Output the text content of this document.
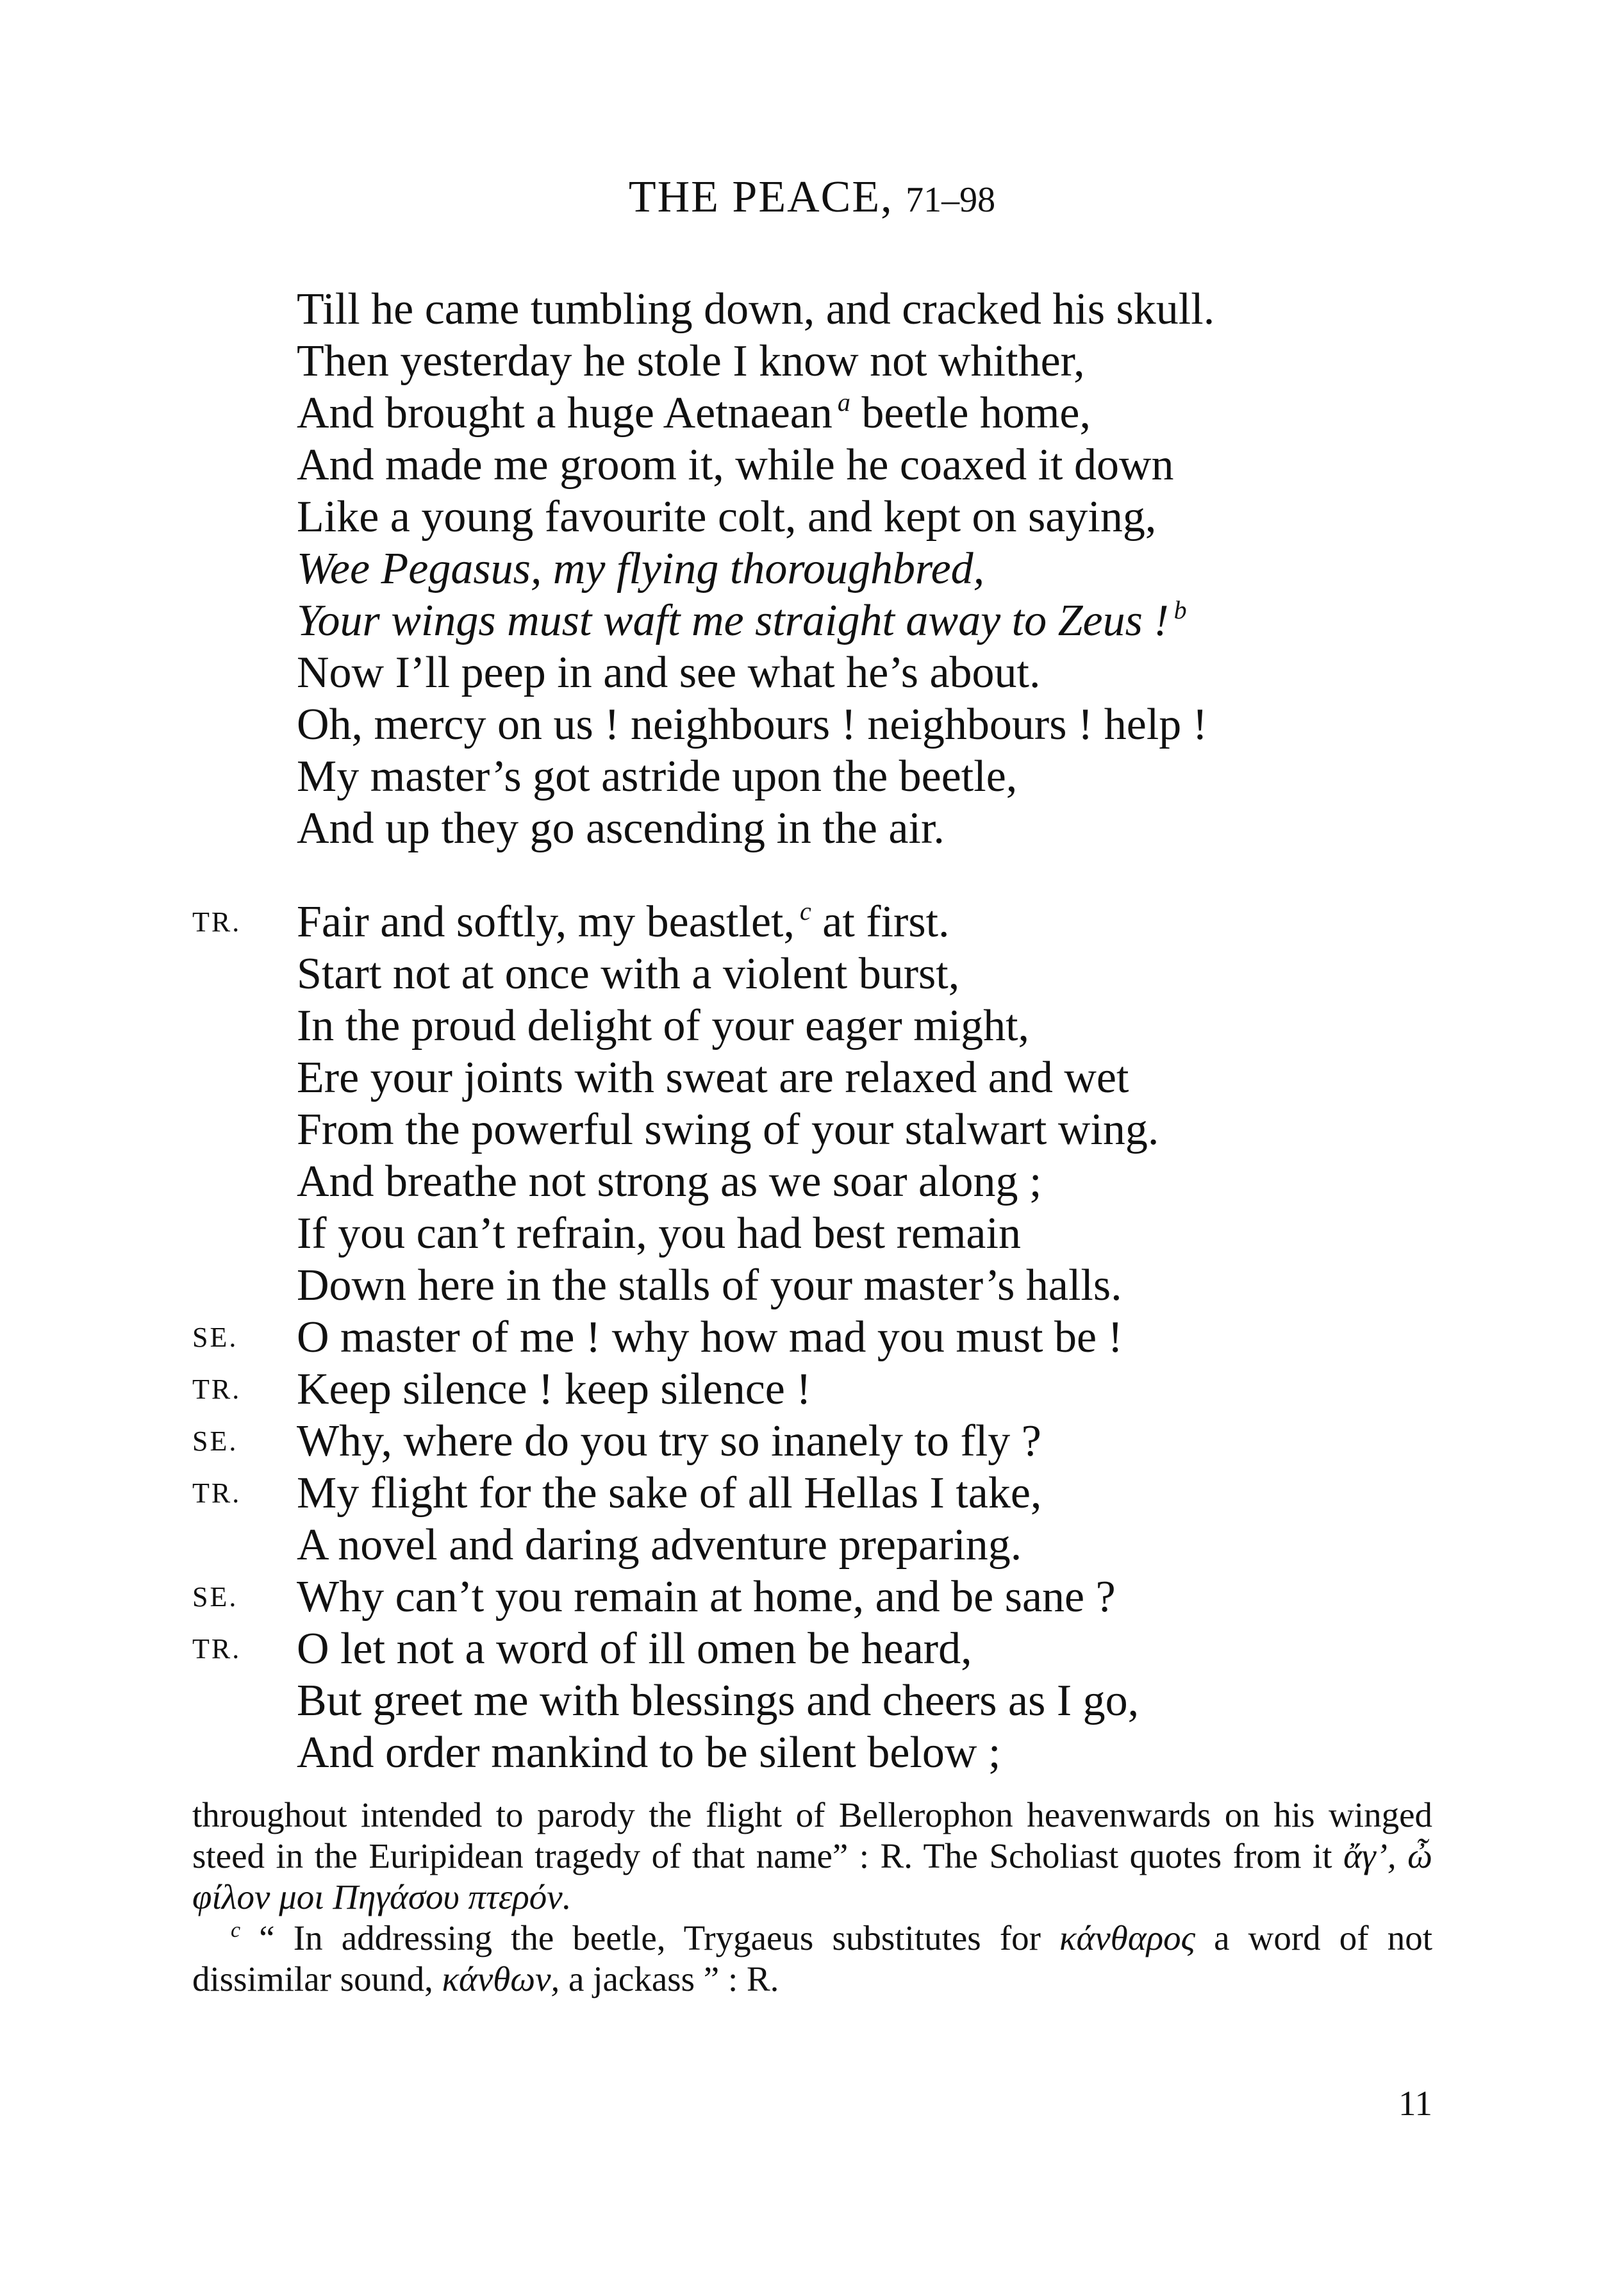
THE PEACE, 71–98
Till he came tumbling down, and cracked his skull.
Then yesterday he stole I know not whither,
And brought a huge Aetnaean $^a$ beetle home,
And made me groom it, while he coaxed it down
Like a young favourite colt, and kept on saying,
Wee Pegasus, my flying thoroughbred,
Your wings must waft me straight away to Zeus ! $^b$
Now I’ll peep in and see what he’s about.
Oh, mercy on us ! neighbours ! neighbours ! help !
My master’s got astride upon the beetle,
And up they go ascending in the air.
TR. Fair and softly, my beastlet, $^c$ at first.
Start not at once with a violent burst,
In the proud delight of your eager might,
Ere your joints with sweat are relaxed and wet
From the powerful swing of your stalwart wing.
And breathe not strong as we soar along ;
If you can’t refrain, you had best remain
Down here in the stalls of your master’s halls.
SE. O master of me ! why how mad you must be !
TR. Keep silence ! keep silence !
SE. Why, where do you try so inanely to fly ?
TR. My flight for the sake of all Hellas I take,
A novel and daring adventure preparing.
SE. Why can’t you remain at home, and be sane ?
TR. O let not a word of ill omen be heard,
But greet me with blessings and cheers as I go,
And order mankind to be silent below ;

throughout intended to parody the flight of Bellerophon heavenwards on his winged steed in the Euripidean tragedy of that name” : R. The Scholiast quotes from it ἄγ’, ὦ φίλον μοι Πηγάσου πτερόν.

$^c$ “ In addressing the beetle, Trygaeus substitutes for κάνθαρος a word of not dissimilar sound, κάνθων, a jackass ” : R.

11
